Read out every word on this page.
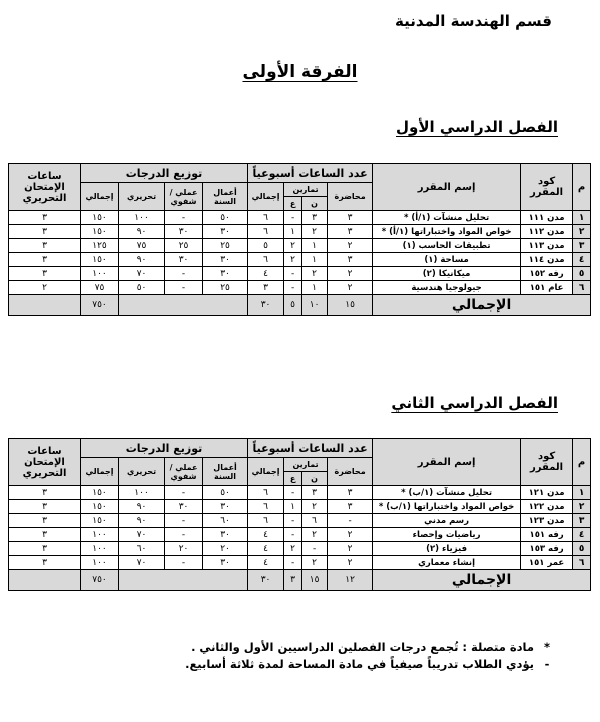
قسم الهندسة المدنية
الفرقة الأولى
الفصل الدراسي الأول
الفصل الدراسي الثاني
م	كود المقرر	إسم المقرر	عدد الساعات أسبوعياً				توزيع الدرجات				ساعات الإمتحان التحريري
			محاضرة	تمارين		إجمالي	أعمال السنة	عملي / شفوي	تحريري	إجمالي	
				ن	ع						
١	مدن ١١١	تحليل منشآت (١/أ) *	٣	٣	-	٦	٥٠	-	١٠٠	١٥٠	٣
٢	مدن ١١٢	خواص المواد واختباراتها (١/أ) *	٣	٢	١	٦	٣٠	٣٠	٩٠	١٥٠	٣
٣	مدن ١١٣	تطبيقات الحاسب (١)	٢	١	٢	٥	٢٥	٢٥	٧٥	١٢٥	٣
٤	مدن ١١٤	مساحة (١)	٣	١	٢	٦	٣٠	٣٠	٩٠	١٥٠	٣
٥	رفه ١٥٢	ميكانيكا (٢)	٢	٢	-	٤	٣٠	-	٧٠	١٠٠	٣
٦	عام ١٥١	جيولوجيا هندسية	٢	١	-	٣	٢٥	-	٥٠	٧٥	٢
الإجمالي			١٥	١٠	٥	٣٠				٧٥٠	
م	كود المقرر	إسم المقرر	عدد الساعات أسبوعياً				توزيع الدرجات				ساعات الإمتحان التحريري
			محاضرة	تمارين		إجمالي	أعمال السنة	عملي / شفوي	تحريري	إجمالي	
				ن	ع						
١	مدن ١٢١	تحليل منشآت (١/ب) *	٣	٣	-	٦	٥٠	-	١٠٠	١٥٠	٣
٢	مدن ١٢٢	خواص المواد واختباراتها (١/ب) *	٣	٢	١	٦	٣٠	٣٠	٩٠	١٥٠	٣
٣	مدن ١٢٣	رسم مدني	-	٦	-	٦	٦٠	-	٩٠	١٥٠	٣
٤	رفه ١٥١	رياضيات وإحصاء	٢	٢	-	٤	٣٠	-	٧٠	١٠٠	٣
٥	رفه ١٥٣	فيزياء (٢)	٢	-	٢	٤	٢٠	٢٠	٦٠	١٠٠	٣
٦	عمر ١٥١	إنشاء معماري	٢	٢	-	٤	٣٠	-	٧٠	١٠٠	٣
الإجمالي			١٢	١٥	٣	٣٠				٧٥٠	
*
مادة متصلة : تُجمع درجات الفصلين الدراسيين الأول والثاني .
-
يؤدي الطلاب تدريباً صيفياً في مادة المساحة لمدة ثلاثة أسابيع.
